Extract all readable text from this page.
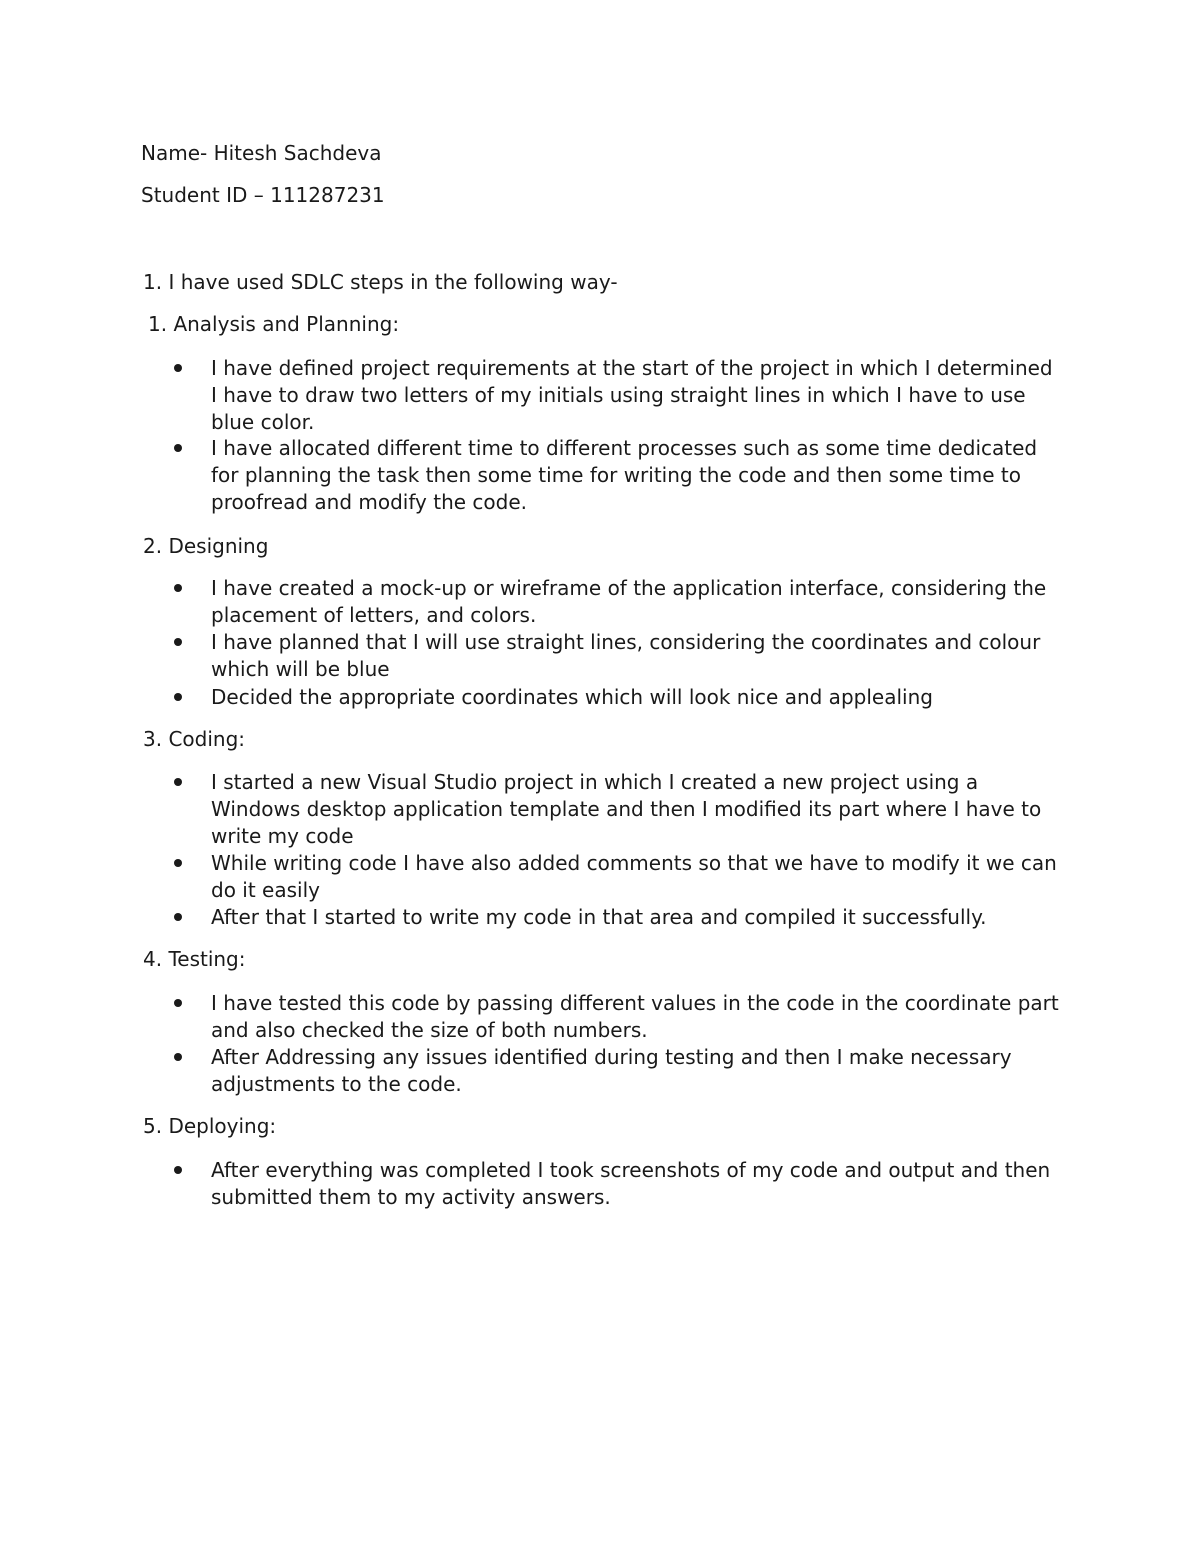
Name- Hitesh Sachdeva
Student ID – 111287231
1. I have used SDLC steps in the following way-
1. Analysis and Planning:
I have defined project requirements at the start of the project in which I determined I have to draw two letters of my initials using straight lines in which I have to use blue color.
I have allocated different time to different processes such as some time dedicated for planning the task then some time for writing the code and then some time to proofread and modify the code.
2. Designing
I have created a mock-up or wireframe of the application interface, considering the placement of letters, and colors.
I have planned that I will use straight lines, considering the coordinates and colour which will be blue
Decided the appropriate coordinates which will look nice and applealing
3. Coding:
I started a new Visual Studio project in which I created a new project using a Windows desktop application template and then I modified its part where I have to write my code
While writing code I have also added comments so that we have to modify it we can do it easily
After that I started to write my code in that area and compiled it successfully.
4. Testing:
I have tested this code by passing different values in the code in the coordinate part and also checked the size of both numbers.
After Addressing any issues identified during testing and then I make necessary adjustments to the code.
5. Deploying:
After everything was completed I took screenshots of my code and output and then submitted them to my activity answers.
